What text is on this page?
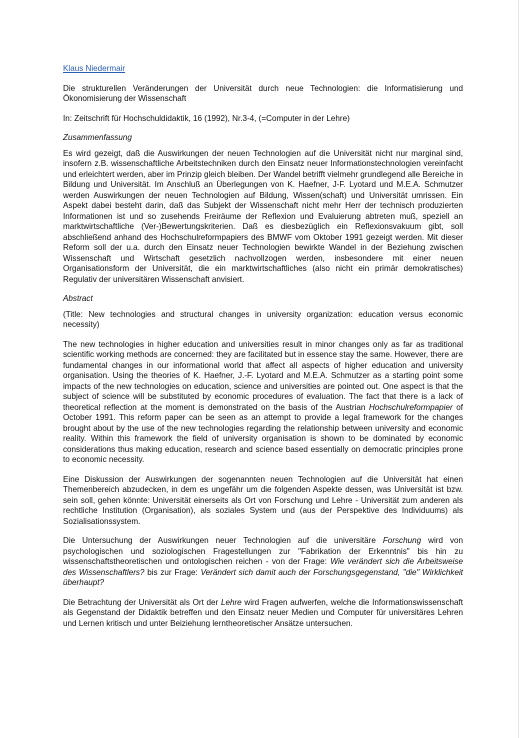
Klaus Niedermair

Die strukturellen Veränderungen der Universität durch neue Technologien: die Informatisierung und Ökonomisierung der Wissenschaft

In: Zeitschrift für Hochschuldidaktik, 16 (1992), Nr.3-4, (=Computer in der Lehre)

Zusammenfassung

Es wird gezeigt, daß die Auswirkungen der neuen Technologien auf die Universität nicht nur marginal sind, insofern z.B. wissenschaftliche Arbeitstechniken durch den Einsatz neuer Informationstechnologien vereinfacht und erleichtert werden, aber im Prinzip gleich bleiben. Der Wandel betrifft vielmehr grundlegend alle Bereiche in Bildung und Universität. Im Anschluß an Überlegungen von K. Haefner, J-F. Lyotard und M.E.A. Schmutzer werden Auswirkungen der neuen Technologien auf Bildung, Wissen(schaft) und Universität umrissen. Ein Aspekt dabei besteht darin, daß das Subjekt der Wissenschaft nicht mehr Herr der technisch produzierten Informationen ist und so zusehends Freiräume der Reflexion und Evaluierung abtreten muß, speziell an marktwirtschaftliche (Ver-)Bewertungskriterien. Daß es diesbezüglich ein Reflexionsvakuum gibt, soll abschließend anhand des Hochschulreformpapiers des BMWF vom Oktober 1991 gezeigt werden. Mit dieser Reform soll der u.a. durch den Einsatz neuer Technologien bewirkte Wandel in der Beziehung zwischen Wissenschaft und Wirtschaft gesetzlich nachvollzogen werden, insbesondere mit einer neuen Organisationsform der Universität, die ein marktwirtschaftliches (also nicht ein primär demokratisches) Regulativ der universitären Wissenschaft anvisiert.

Abstract

(Title: New technologies and structural changes in university organization: education versus economic necessity)

The new technologies in higher education and universities result in minor changes only as far as traditional scientific working methods are concerned: they are facilitated but in essence stay the same. However, there are fundamental changes in our informational world that affect all aspects of higher education and university organisation. Using the theories of K. Haefner, J.-F. Lyotard and M.E.A. Schmutzer as a starting point some impacts of the new technologies on education, science and universities are pointed out. One aspect is that the subject of science will be substituted by economic procedures of evaluation. The fact that there is a lack of theoretical reflection at the moment is demonstrated on the basis of the Austrian Hochschulreformpapier of October 1991. This reform paper can be seen as an attempt to provide a legal framework for the changes brought about by the use of the new technologies regarding the relationship between university and economic reality. Within this framework the field of university organisation is shown to be dominated by economic considerations thus making education, research and science based essentially on democratic principles prone to economic necessity.

Eine Diskussion der Auswirkungen der sogenannten neuen Technologien auf die Universität hat einen Themenbereich abzudecken, in dem es ungefähr um die folgenden Aspekte dessen, was Universität ist bzw. sein soll, gehen könnte: Universität einerseits als Ort von Forschung und Lehre - Universität zum anderen als rechtliche Institution (Organisation), als soziales System und (aus der Perspektive des Individuums) als Sozialisationssystem.

Die Untersuchung der Auswirkungen neuer Technologien auf die universitäre Forschung wird von psychologischen und soziologischen Fragestellungen zur "Fabrikation der Erkenntnis" bis hin zu wissenschaftstheoretischen und ontologischen reichen - von der Frage: Wie verändert sich die Arbeitsweise des Wissenschaftlers? bis zur Frage: Verändert sich damit auch der Forschungsgegenstand, "die" Wirklichkeit überhaupt?

Die Betrachtung der Universität als Ort der Lehre wird Fragen aufwerfen, welche die Informationswissenschaft als Gegenstand der Didaktik betreffen und den Einsatz neuer Medien und Computer für universitäres Lehren und Lernen kritisch und unter Beiziehung lerntheoretischer Ansätze untersuchen.
